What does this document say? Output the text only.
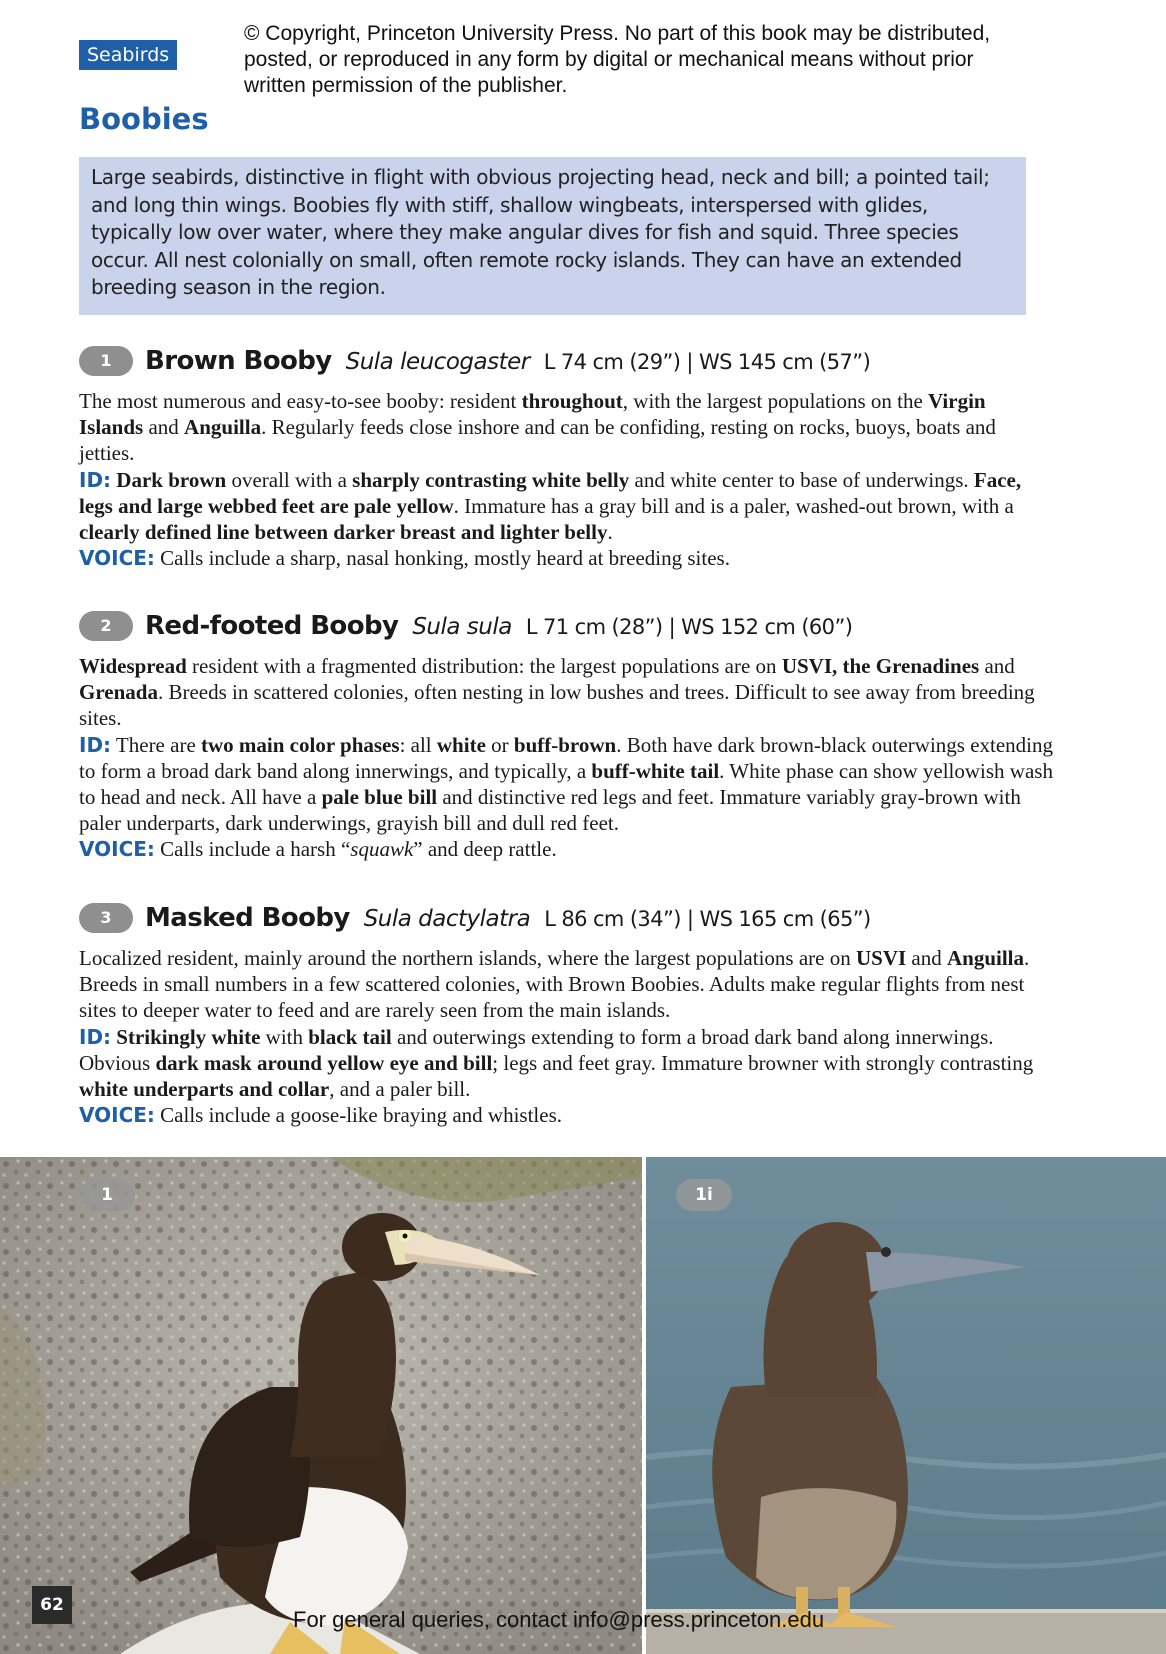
Seabirds
© Copyright, Princeton University Press. No part of this book may be distributed, posted, or reproduced in any form by digital or mechanical means without prior written permission of the publisher.
Boobies
Large seabirds, distinctive in flight with obvious projecting head, neck and bill; a pointed tail; and long thin wings. Boobies fly with stiff, shallow wingbeats, interspersed with glides, typically low over water, where they make angular dives for fish and squid. Three species occur. All nest colonially on small, often remote rocky islands. They can have an extended breeding season in the region.
1	Brown Booby Sula leucogaster L 74 cm (29”) | WS 145 cm (57”)
The most numerous and easy-to-see booby: resident throughout, with the largest populations on the Virgin Islands and Anguilla. Regularly feeds close inshore and can be confiding, resting on rocks, buoys, boats and jetties.
ID: Dark brown overall with a sharply contrasting white belly and white center to base of underwings. Face, legs and large webbed feet are pale yellow. Immature has a gray bill and is a paler, washed-out brown, with a clearly defined line between darker breast and lighter belly.
VOICE: Calls include a sharp, nasal honking, mostly heard at breeding sites.
2	Red-footed Booby Sula sula L 71 cm (28”) | WS 152 cm (60”)
Widespread resident with a fragmented distribution: the largest populations are on USVI, the Grenadines and Grenada. Breeds in scattered colonies, often nesting in low bushes and trees. Difficult to see away from breeding sites.
ID: There are two main color phases: all white or buff-brown. Both have dark brown-black outerwings extending to form a broad dark band along innerwings, and typically, a buff-white tail. White phase can show yellowish wash to head and neck. All have a pale blue bill and distinctive red legs and feet. Immature variably gray-brown with paler underparts, dark underwings, grayish bill and dull red feet.
VOICE: Calls include a harsh “squawk” and deep rattle.
3	Masked Booby Sula dactylatra L 86 cm (34”) | WS 165 cm (65”)
Localized resident, mainly around the northern islands, where the largest populations are on USVI and Anguilla. Breeds in small numbers in a few scattered colonies, with Brown Boobies. Adults make regular flights from nest sites to deeper water to feed and are rarely seen from the main islands.
ID: Strikingly white with black tail and outerwings extending to form a broad dark band along innerwings. Obvious dark mask around yellow eye and bill; legs and feet gray. Immature browner with strongly contrasting white underparts and collar, and a paler bill.
VOICE: Calls include a goose-like braying and whistles.
1	1i
62
For general queries, contact info@press.princeton.edu
